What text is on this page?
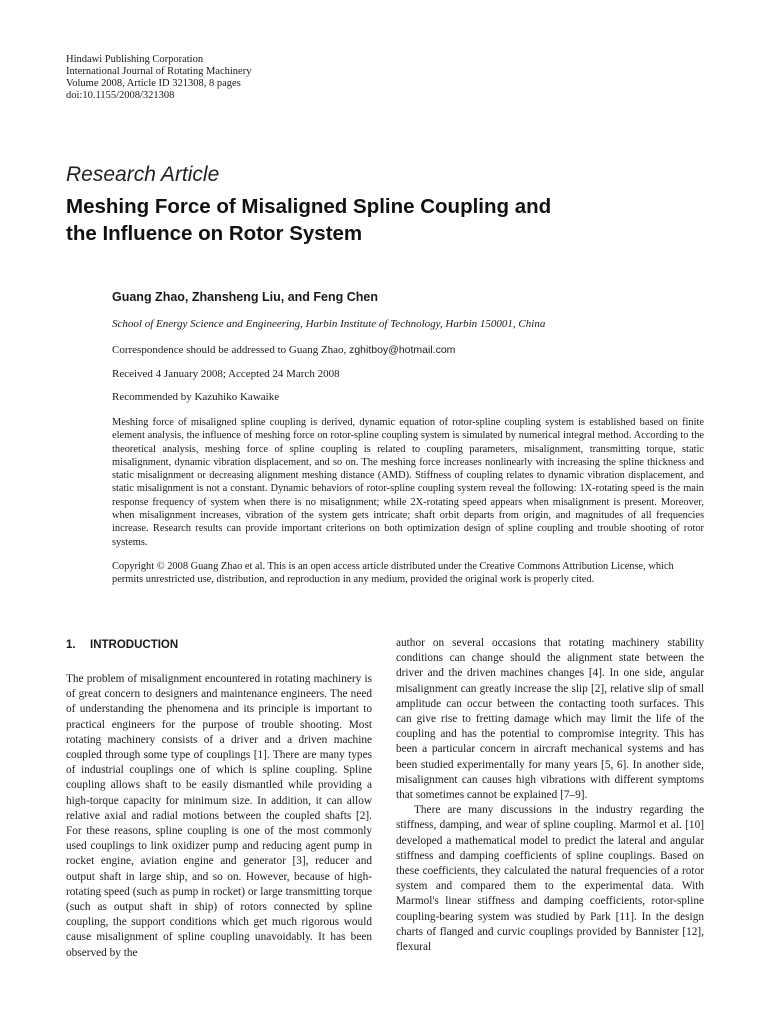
Hindawi Publishing Corporation
International Journal of Rotating Machinery
Volume 2008, Article ID 321308, 8 pages
doi:10.1155/2008/321308
Research Article
Meshing Force of Misaligned Spline Coupling and
the Influence on Rotor System
Guang Zhao, Zhansheng Liu, and Feng Chen
School of Energy Science and Engineering, Harbin Institute of Technology, Harbin 150001, China
Correspondence should be addressed to Guang Zhao, zghitboy@hotmail.com
Received 4 January 2008; Accepted 24 March 2008
Recommended by Kazuhiko Kawaike

Meshing force of misaligned spline coupling is derived, dynamic equation of rotor-spline coupling system is established based on finite element analysis, the influence of meshing force on rotor-spline coupling system is simulated by numerical integral method. According to the theoretical analysis, meshing force of spline coupling is related to coupling parameters, misalignment, transmitting torque, static misalignment, dynamic vibration displacement, and so on. The meshing force increases nonlinearly with increasing the spline thickness and static misalignment or decreasing alignment meshing distance (AMD). Stiffness of coupling relates to dynamic vibration displacement, and static misalignment is not a constant. Dynamic behaviors of rotor-spline coupling system reveal the following: 1X-rotating speed is the main response frequency of system when there is no misalignment; while 2X-rotating speed appears when misalignment is present. Moreover, when misalignment increases, vibration of the system gets intricate; shaft orbit departs from origin, and magnitudes of all frequencies increase. Research results can provide important criterions on both optimization design of spline coupling and trouble shooting of rotor systems.

Copyright © 2008 Guang Zhao et al. This is an open access article distributed under the Creative Commons Attribution License, which permits unrestricted use, distribution, and reproduction in any medium, provided the original work is properly cited.

1. INTRODUCTION

The problem of misalignment encountered in rotating machinery is of great concern to designers and maintenance engineers. The need of understanding the phenomena and its principle is important to practical engineers for the purpose of trouble shooting. Most rotating machinery consists of a driver and a driven machine coupled through some type of couplings [1]. There are many types of industrial couplings one of which is spline coupling. Spline coupling allows shaft to be easily dismantled while providing a high-torque capacity for minimum size. In addition, it can allow relative axial and radial motions between the coupled shafts [2]. For these reasons, spline coupling is one of the most commonly used couplings to link oxidizer pump and reducing agent pump in rocket engine, aviation engine and generator [3], reducer and output shaft in large ship, and so on. However, because of high-rotating speed (such as pump in rocket) or large transmitting torque (such as output shaft in ship) of rotors connected by spline coupling, the support conditions which get much rigorous would cause misalignment of spline coupling unavoidably. It has been observed by the

author on several occasions that rotating machinery stability conditions can change should the alignment state between the driver and the driven machines changes [4]. In one side, angular misalignment can greatly increase the slip [2], relative slip of small amplitude can occur between the contacting tooth surfaces. This can give rise to fretting damage which may limit the life of the coupling and has the potential to compromise integrity. This has been a particular concern in aircraft mechanical systems and has been studied experimentally for many years [5, 6]. In another side, misalignment can causes high vibrations with different symptoms that sometimes cannot be explained [7–9].

There are many discussions in the industry regarding the stiffness, damping, and wear of spline coupling. Marmol et al. [10] developed a mathematical model to predict the lateral and angular stiffness and damping coefficients of spline couplings. Based on these coefficients, they calculated the natural frequencies of a rotor system and compared them to the experimental data. With Marmol's linear stiffness and damping coefficients, rotor-spline coupling-bearing system was studied by Park [11]. In the design charts of flanged and curvic couplings provided by Bannister [12], flexural
